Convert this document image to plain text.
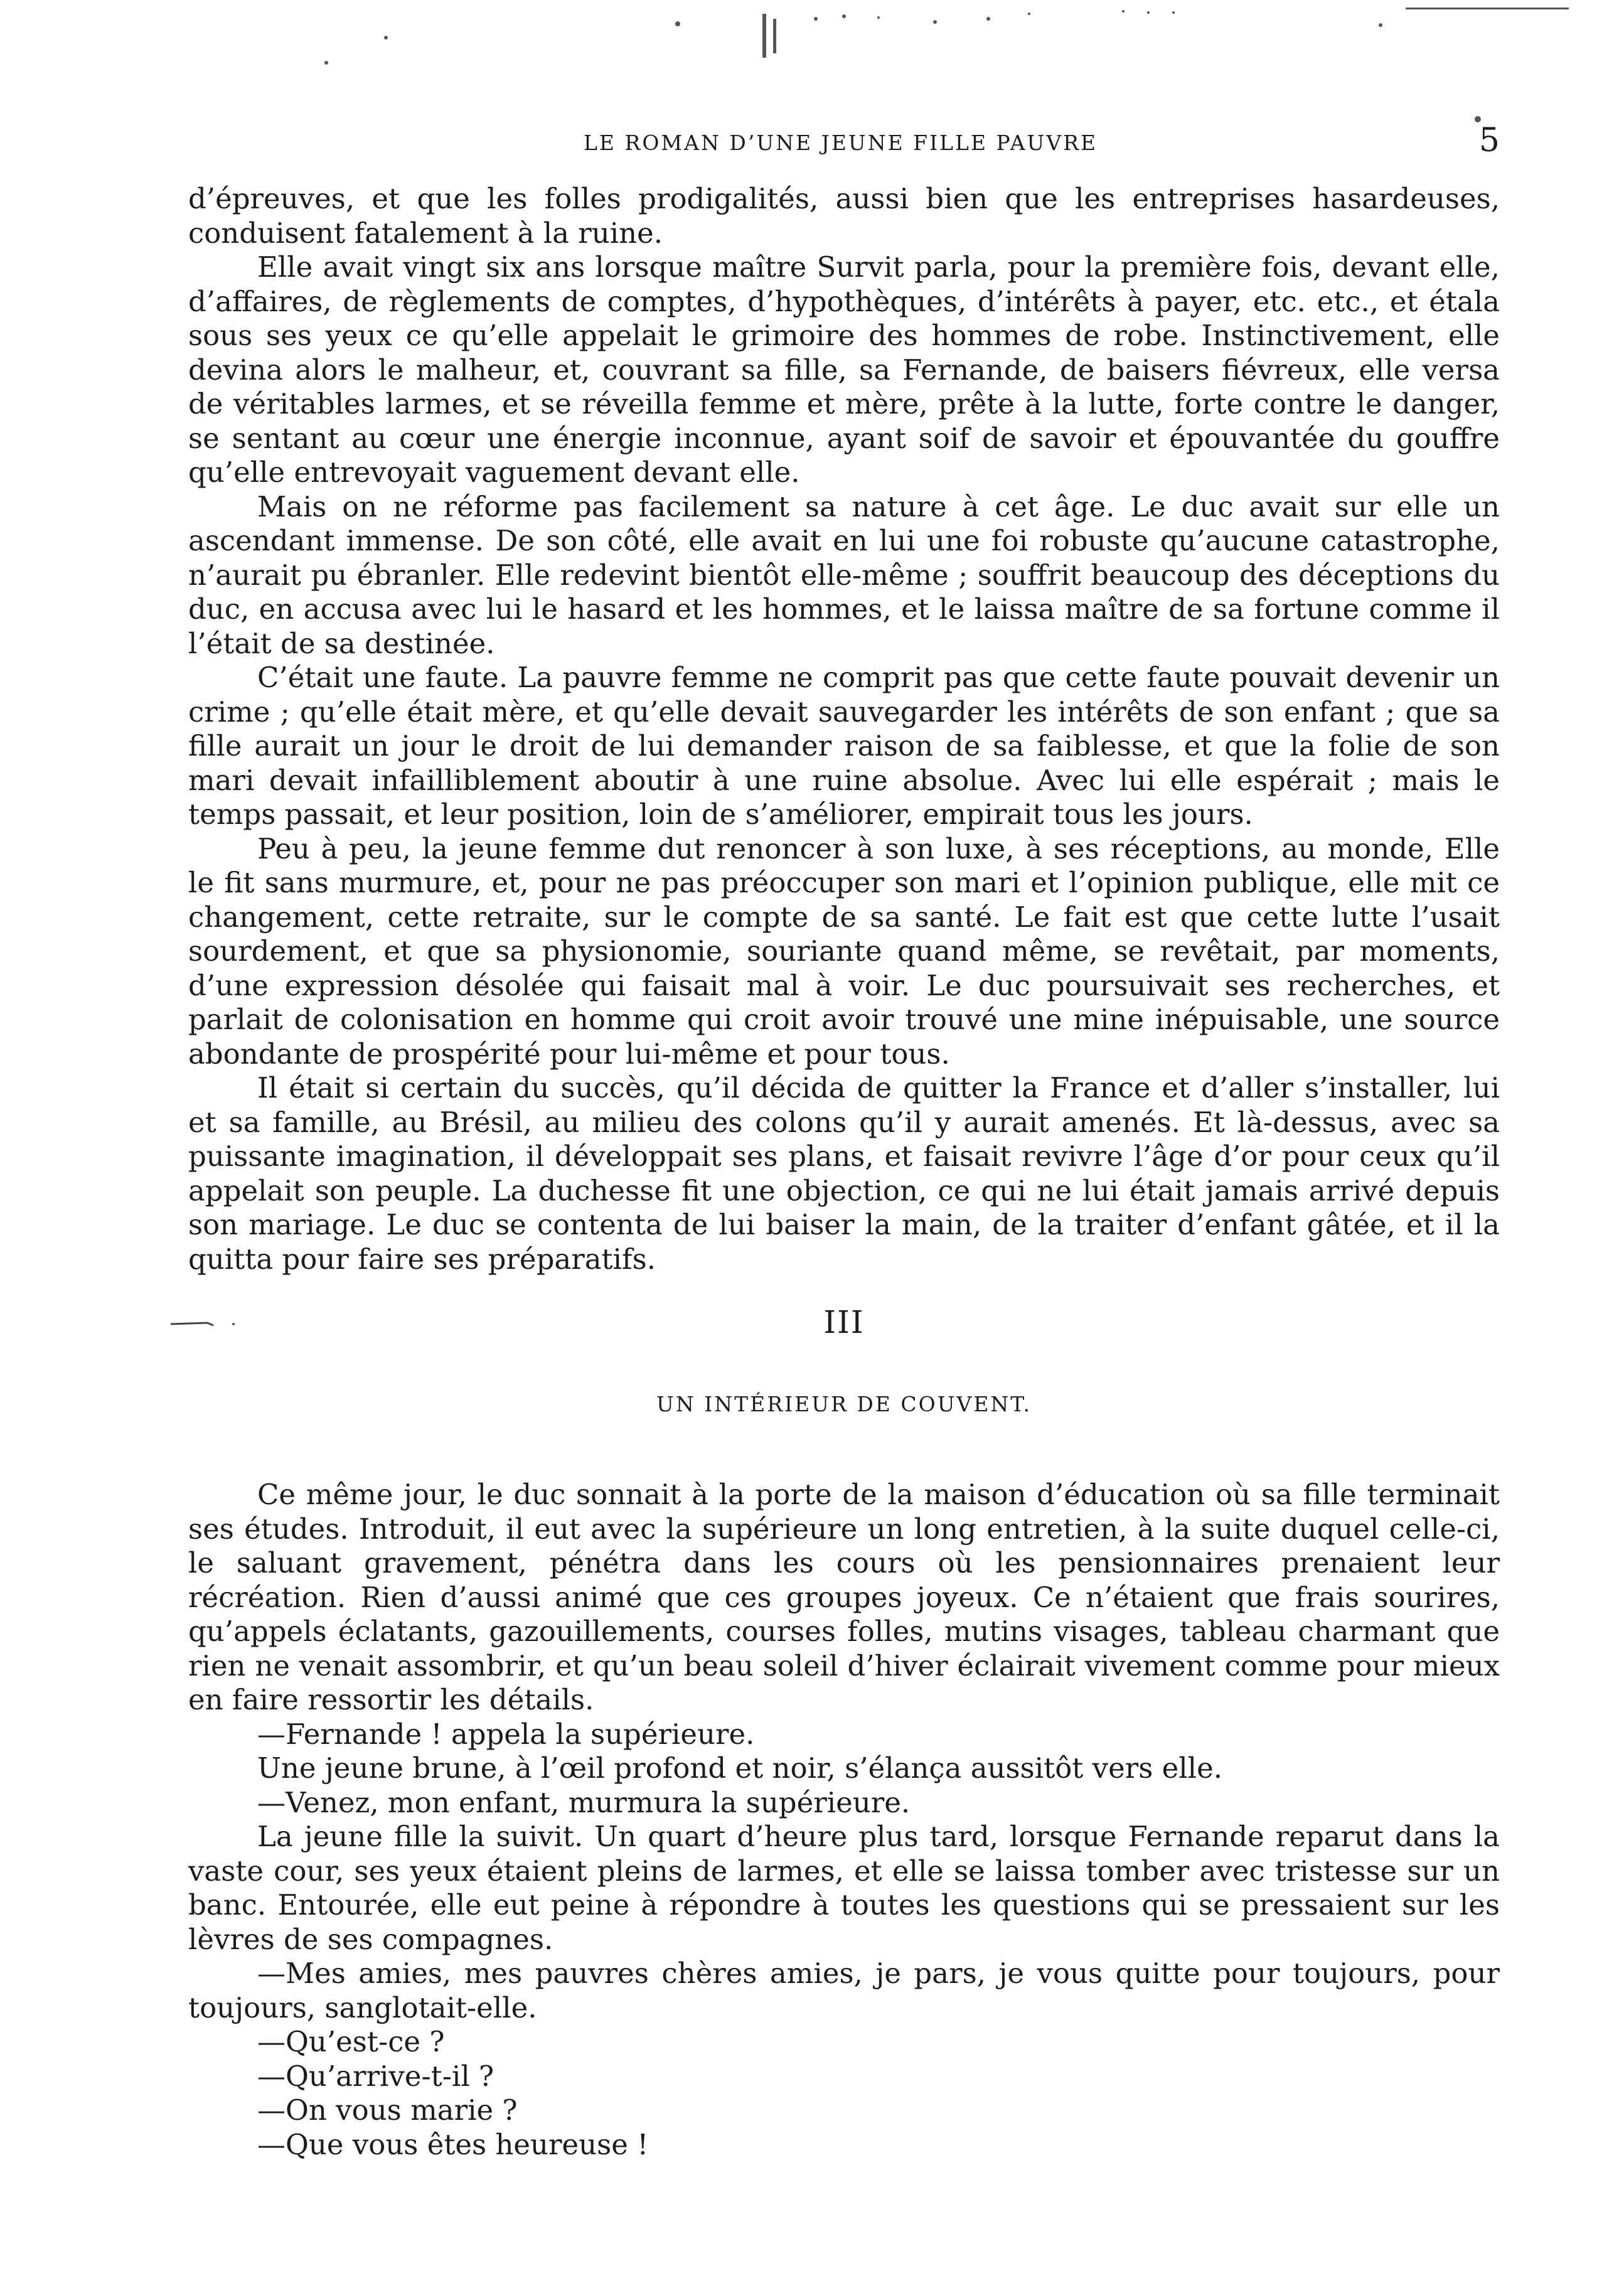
LE ROMAN D’UNE JEUNE FILLE PAUVRE	5

d’épreuves, et que les folles prodigalités, aussi bien que les entreprises hasardeuses, conduisent fatalement à la ruine.

Elle avait vingt six ans lorsque maître Survit parla, pour la première fois, devant elle, d’affaires, de règlements de comptes, d’hypothèques, d’intérêts à payer, etc. etc., et étala sous ses yeux ce qu’elle appelait le grimoire des hommes de robe. Instinctivement, elle devina alors le malheur, et, couvrant sa fille, sa Fernande, de baisers fiévreux, elle versa de véritables larmes, et se réveilla femme et mère, prête à la lutte, forte contre le danger, se sentant au cœur une énergie inconnue, ayant soif de savoir et épouvantée du gouffre qu’elle entrevoyait vaguement devant elle.

Mais on ne réforme pas facilement sa nature à cet âge. Le duc avait sur elle un ascendant immense. De son côté, elle avait en lui une foi robuste qu’aucune catastrophe, n’aurait pu ébranler. Elle redevint bientôt elle-même ; souffrit beaucoup des déceptions du duc, en accusa avec lui le hasard et les hommes, et le laissa maître de sa fortune comme il l’était de sa destinée.

C’était une faute. La pauvre femme ne comprit pas que cette faute pouvait devenir un crime ; qu’elle était mère, et qu’elle devait sauvegarder les intérêts de son enfant ; que sa fille aurait un jour le droit de lui demander raison de sa faiblesse, et que la folie de son mari devait infailliblement aboutir à une ruine absolue. Avec lui elle espérait ; mais le temps passait, et leur position, loin de s’améliorer, empirait tous les jours.

Peu à peu, la jeune femme dut renoncer à son luxe, à ses réceptions, au monde, Elle le fit sans murmure, et, pour ne pas préoccuper son mari et l’opinion publique, elle mit ce changement, cette retraite, sur le compte de sa santé. Le fait est que cette lutte l’usait sourdement, et que sa physionomie, souriante quand même, se revêtait, par moments, d’une expression désolée qui faisait mal à voir. Le duc poursuivait ses recherches, et parlait de colonisation en homme qui croit avoir trouvé une mine inépuisable, une source abondante de prospérité pour lui-même et pour tous.

Il était si certain du succès, qu’il décida de quitter la France et d’aller s’installer, lui et sa famille, au Brésil, au milieu des colons qu’il y aurait amenés. Et là-dessus, avec sa puissante imagination, il développait ses plans, et faisait revivre l’âge d’or pour ceux qu’il appelait son peuple. La duchesse fit une objection, ce qui ne lui était jamais arrivé depuis son mariage. Le duc se contenta de lui baiser la main, de la traiter d’enfant gâtée, et il la quitta pour faire ses préparatifs.

III
UN INTÉRIEUR DE COUVENT.

Ce même jour, le duc sonnait à la porte de la maison d’éducation où sa fille terminait ses études. Introduit, il eut avec la supérieure un long entretien, à la suite duquel celle-ci, le saluant gravement, pénétra dans les cours où les pensionnaires prenaient leur récréation. Rien d’aussi animé que ces groupes joyeux. Ce n’étaient que frais sourires, qu’appels éclatants, gazouillements, courses folles, mutins visages, tableau charmant que rien ne venait assombrir, et qu’un beau soleil d’hiver éclairait vivement comme pour mieux en faire ressortir les détails.

—Fernande ! appela la supérieure.

Une jeune brune, à l’œil profond et noir, s’élança aussitôt vers elle.

—Venez, mon enfant, murmura la supérieure.

La jeune fille la suivit. Un quart d’heure plus tard, lorsque Fernande reparut dans la vaste cour, ses yeux étaient pleins de larmes, et elle se laissa tomber avec tristesse sur un banc. Entourée, elle eut peine à répondre à toutes les questions qui se pressaient sur les lèvres de ses compagnes.

—Mes amies, mes pauvres chères amies, je pars, je vous quitte pour toujours, pour toujours, sanglotait-elle.

—Qu’est-ce ?

—Qu’arrive-t-il ?

—On vous marie ?

—Que vous êtes heureuse !
